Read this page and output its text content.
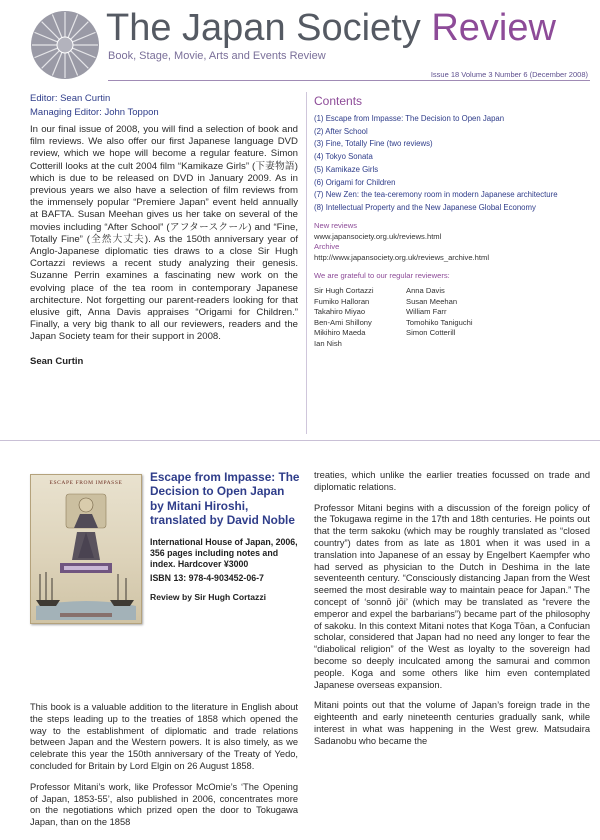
The Japan Society Review
Book, Stage, Movie, Arts and Events Review
Issue 18 Volume 3 Number 6 (December 2008)
Editor: Sean Curtin
Managing Editor: John Toppon
In our final issue of 2008, you will find a selection of book and film reviews. We also offer our first Japanese language DVD review, which we hope will become a regular feature. Simon Cotterill looks at the cult 2004 film “Kamikaze Girls” (下妻物語) which is due to be released on DVD in January 2009. As in previous years we also have a selection of film reviews from the immensely popular “Premiere Japan” event held annually at BAFTA. Susan Meehan gives us her take on several of the movies including “After School” (アフタースクール) and “Fine, Totally Fine” (全然大丈夫). As the 150th anniversary year of Anglo-Japanese diplomatic ties draws to a close Sir Hugh Cortazzi reviews a recent study analyzing their genesis. Suzanne Perrin examines a fascinating new work on the evolving place of the tea room in contemporary Japanese architecture. Not forgetting our parent-readers looking for that elusive gift, Anna Davis appraises “Origami for Children.” Finally, a very big thank to all our reviewers, readers and the Japan Society team for their support in 2008.
Sean Curtin
Contents
(1) Escape from Impasse: The Decision to Open Japan
(2) After School
(3) Fine, Totally Fine (two reviews)
(4) Tokyo Sonata
(5) Kamikaze Girls
(6) Origami for Children
(7) New Zen: the tea-ceremony room in modern Japanese architecture
(8) Intellectual Property and the New Japanese Global Economy
New reviews
www.japansociety.org.uk/reviews.html
Archive
http://www.japansociety.org.uk/reviews_archive.html
We are grateful to our regular reviewers:
Sir Hugh Cortazzi
Fumiko Halloran
Takahiro Miyao
Ben-Ami Shillony
Mikihiro Maeda
Ian Nish
Anna Davis
Susan Meehan
William Farr
Tomohiko Taniguchi
Simon Cotterill
ESCAPE FROM IMPASSE	Escape from Impasse: The Decision to Open Japan by Mitani Hiroshi, translated by David Noble
International House of Japan, 2006, 356 pages including notes and index. Hardcover ¥3000
ISBN 13: 978-4-903452-06-7
Review by Sir Hugh Cortazzi

This book is a valuable addition to the literature in English about the steps leading up to the treaties of 1858 which opened the way to the establishment of diplomatic and trade relations between Japan and the Western powers. It is also timely, as we celebrate this year the 150th anniversary of the Treaty of Yedo, concluded for Britain by Lord Elgin on 26 August 1858.

Professor Mitani’s work, like Professor McOmie’s ‘The Opening of Japan, 1853-55’, also published in 2006, concentrates more on the negotiations which prized open the door to Tokugawa Japan, than on the 1858

treaties, which unlike the earlier treaties focussed on trade and diplomatic relations.

Professor Mitani begins with a discussion of the foreign policy of the Tokugawa regime in the 17th and 18th centuries. He points out that the term sakoku (which may be roughly translated as “closed country”) dates from as late as 1801 when it was used in a translation into Japanese of an essay by Engelbert Kaempfer who had served as physician to the Dutch in Deshima in the late seventeenth century. “Consciously distancing Japan from the West seemed the most desirable way to maintain peace for Japan.” The concept of ‘sonnō jōi’ (which may be translated as “revere the emperor and expel the barbarians”) became part of the philosophy of sakoku. In this context Mitani notes that Koga Tōan, a Confucian scholar, considered that Japan had no need any longer to fear the “diabolical religion” of the West as loyalty to the sovereign had become so deeply inculcated among the samurai and common people. Koga and some others like him even contemplated Japanese overseas expansion.

Mitani points out that the volume of Japan’s foreign trade in the eighteenth and early nineteenth centuries gradually sank, while interest in what was happening in the West grew. Matsudaira Sadanobu who became the
